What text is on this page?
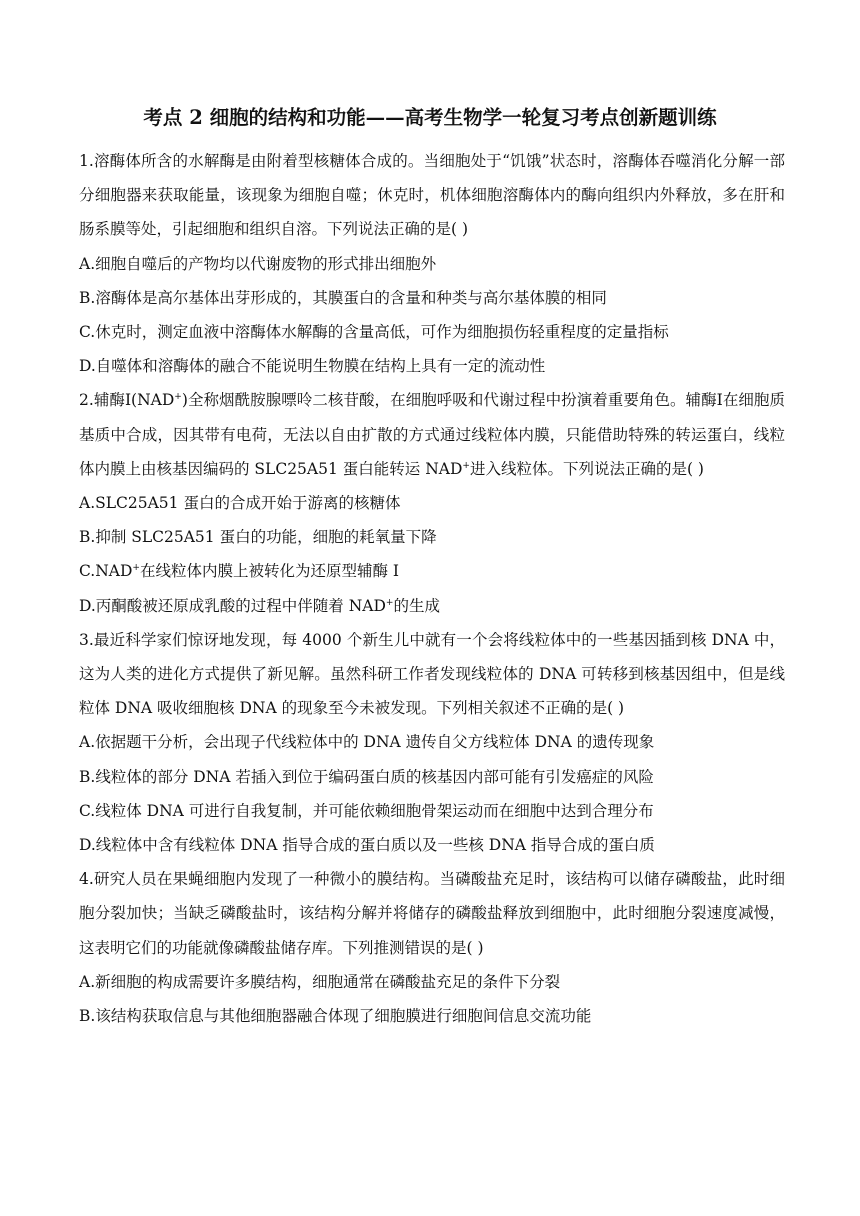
考点 2 细胞的结构和功能——高考生物学一轮复习考点创新题训练

1.溶酶体所含的水解酶是由附着型核糖体合成的。当细胞处于“饥饿”状态时，溶酶体吞噬消化分解一部分细胞器来获取能量，该现象为细胞自噬；休克时，机体细胞溶酶体内的酶向组织内外释放，多在肝和肠系膜等处，引起细胞和组织自溶。下列说法正确的是( )

A.细胞自噬后的产物均以代谢废物的形式排出细胞外

B.溶酶体是高尔基体出芽形成的，其膜蛋白的含量和种类与高尔基体膜的相同

C.休克时，测定血液中溶酶体水解酶的含量高低，可作为细胞损伤轻重程度的定量指标

D.自噬体和溶酶体的融合不能说明生物膜在结构上具有一定的流动性

2.辅酶I(NAD+)全称烟酰胺腺嘌呤二核苷酸，在细胞呼吸和代谢过程中扮演着重要角色。辅酶I在细胞质基质中合成，因其带有电荷，无法以自由扩散的方式通过线粒体内膜，只能借助特殊的转运蛋白，线粒体内膜上由核基因编码的 SLC25A51 蛋白能转运 NAD+进入线粒体。下列说法正确的是( )

A.SLC25A51 蛋白的合成开始于游离的核糖体

B.抑制 SLC25A51 蛋白的功能，细胞的耗氧量下降

C.NAD+在线粒体内膜上被转化为还原型辅酶 I

D.丙酮酸被还原成乳酸的过程中伴随着 NAD+的生成

3.最近科学家们惊讶地发现，每 4000 个新生儿中就有一个会将线粒体中的一些基因插到核 DNA 中，这为人类的进化方式提供了新见解。虽然科研工作者发现线粒体的 DNA 可转移到核基因组中，但是线粒体 DNA 吸收细胞核 DNA 的现象至今未被发现。下列相关叙述不正确的是( )

A.依据题干分析，会出现子代线粒体中的 DNA 遗传自父方线粒体 DNA 的遗传现象

B.线粒体的部分 DNA 若插入到位于编码蛋白质的核基因内部可能有引发癌症的风险

C.线粒体 DNA 可进行自我复制，并可能依赖细胞骨架运动而在细胞中达到合理分布

D.线粒体中含有线粒体 DNA 指导合成的蛋白质以及一些核 DNA 指导合成的蛋白质

4.研究人员在果蝇细胞内发现了一种微小的膜结构。当磷酸盐充足时，该结构可以储存磷酸盐，此时细胞分裂加快；当缺乏磷酸盐时，该结构分解并将储存的磷酸盐释放到细胞中，此时细胞分裂速度减慢，这表明它们的功能就像磷酸盐储存库。下列推测错误的是( )

A.新细胞的构成需要许多膜结构，细胞通常在磷酸盐充足的条件下分裂

B.该结构获取信息与其他细胞器融合体现了细胞膜进行细胞间信息交流功能
